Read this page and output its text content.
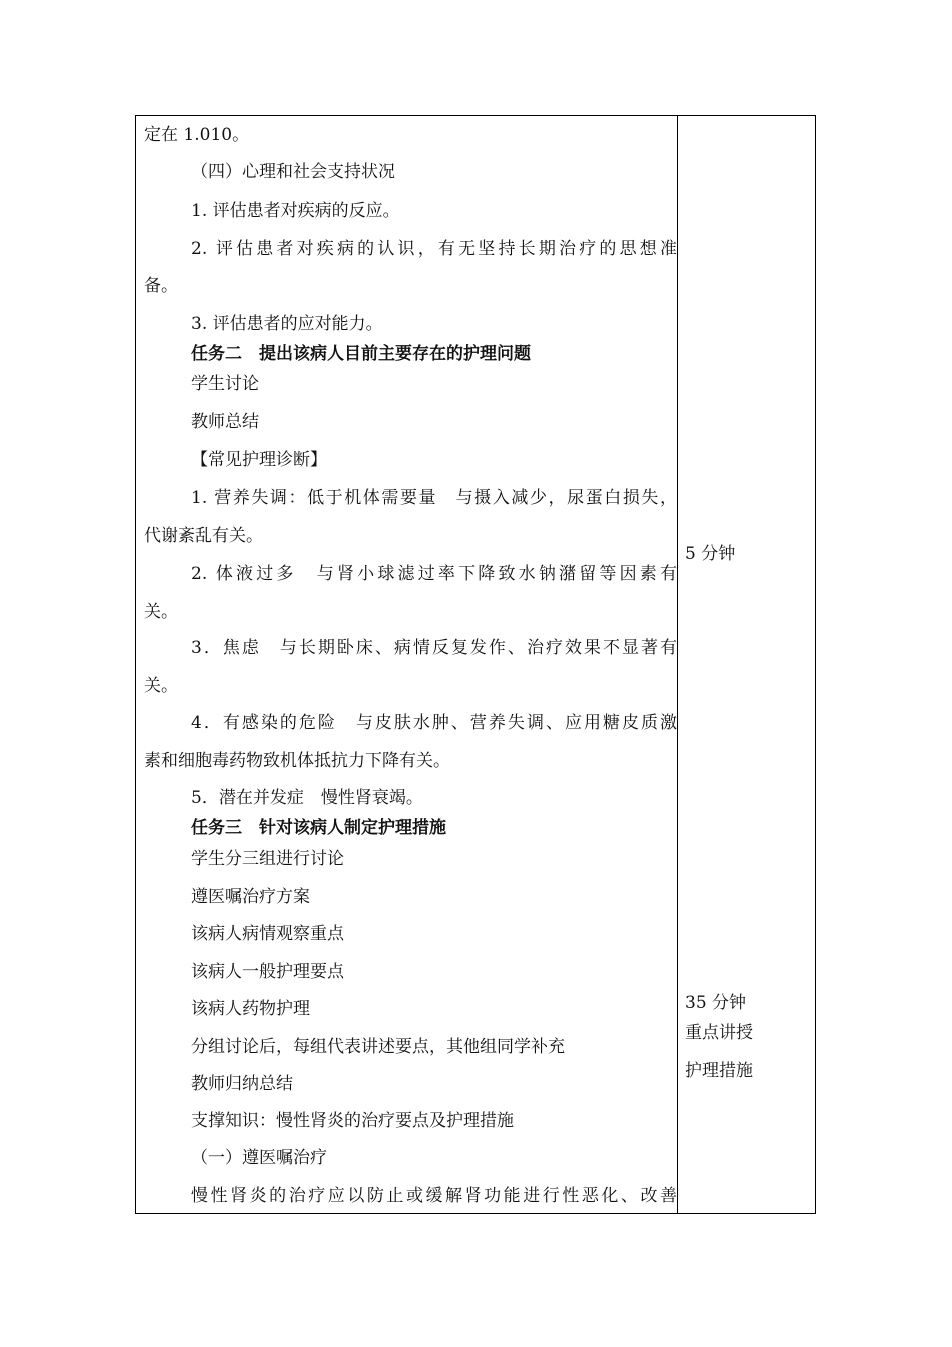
定在 1.010。
（四）心理和社会支持状况
1. 评估患者对疾病的反应。
2. 评估患者对疾病的认识，有无坚持长期治疗的思想准
备。
3. 评估患者的应对能力。
任务二　提出该病人目前主要存在的护理问题
学生讨论
教师总结
【常见护理诊断】
1. 营养失调：低于机体需要量　与摄入减少，尿蛋白损失，
代谢紊乱有关。
2. 体液过多　与肾小球滤过率下降致水钠潴留等因素有
关。
3．焦虑　与长期卧床、病情反复发作、治疗效果不显著有
关。
4．有感染的危险　与皮肤水肿、营养失调、应用糖皮质激
素和细胞毒药物致机体抵抗力下降有关。
5．潜在并发症　慢性肾衰竭。
任务三　针对该病人制定护理措施
学生分三组进行讨论
遵医嘱治疗方案
该病人病情观察重点
该病人一般护理要点
该病人药物护理
分组讨论后，每组代表讲述要点，其他组同学补充
教师归纳总结
支撑知识：慢性肾炎的治疗要点及护理措施
（一）遵医嘱治疗
慢性肾炎的治疗应以防止或缓解肾功能进行性恶化、改善
5 分钟
35 分钟
重点讲授
护理措施
